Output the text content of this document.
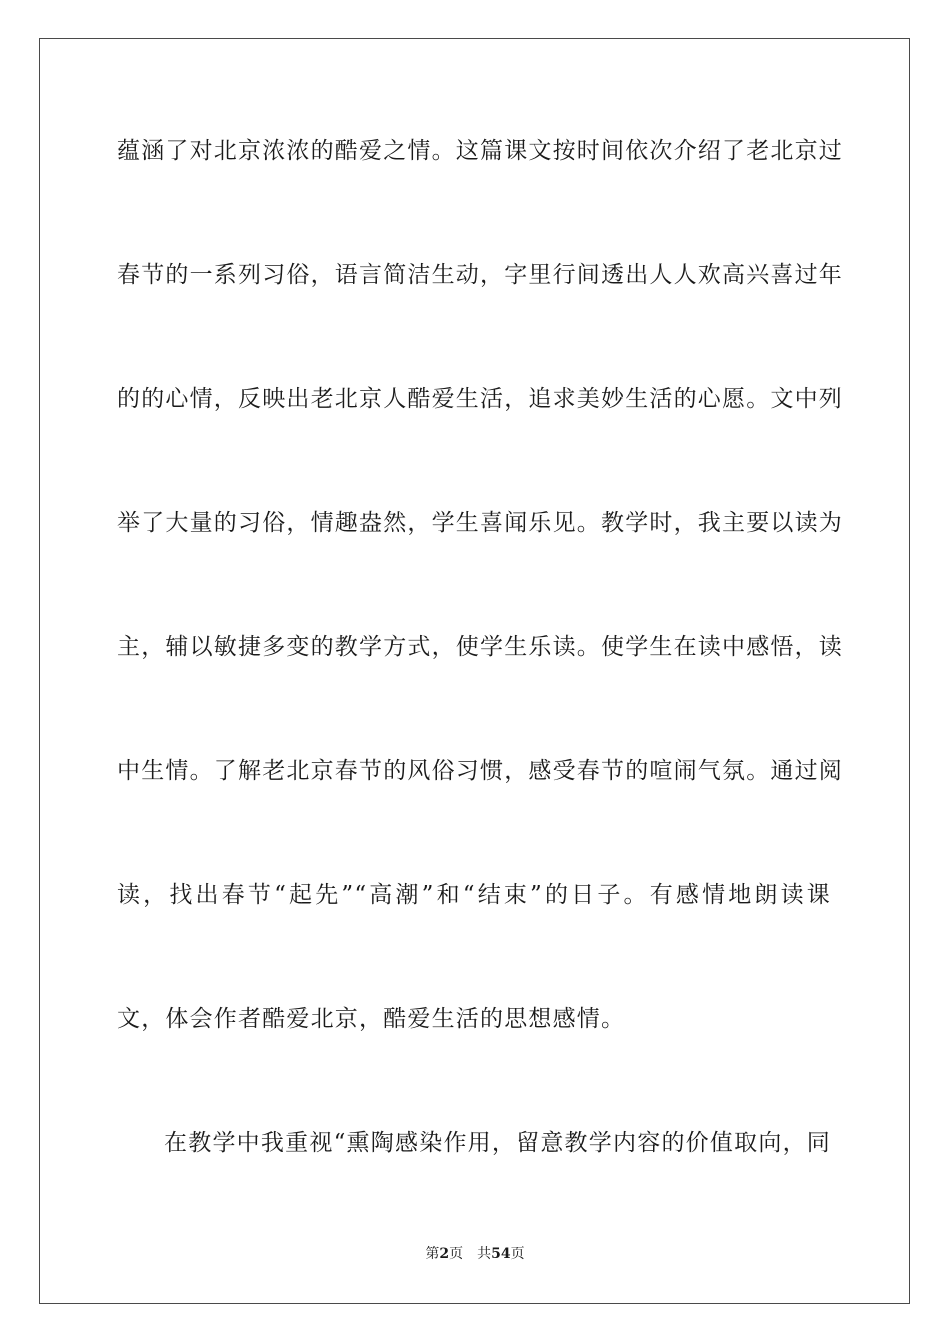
蕴涵了对北京浓浓的酷爱之情。这篇课文按时间依次介绍了老北京过
春节的一系列习俗，语言简洁生动，字里行间透出人人欢高兴喜过年
的的心情，反映出老北京人酷爱生活，追求美妙生活的心愿。文中列
举了大量的习俗，情趣盎然，学生喜闻乐见。教学时，我主要以读为
主，辅以敏捷多变的教学方式，使学生乐读。使学生在读中感悟，读
中生情。了解老北京春节的风俗习惯，感受春节的喧闹气氛。通过阅
读，找出春节“起先”“高潮”和“结束”的日子。有感情地朗读课
文，体会作者酷爱北京，酷爱生活的思想感情。
在教学中我重视“熏陶感染作用，留意教学内容的价值取向，同
第2页 共54页
